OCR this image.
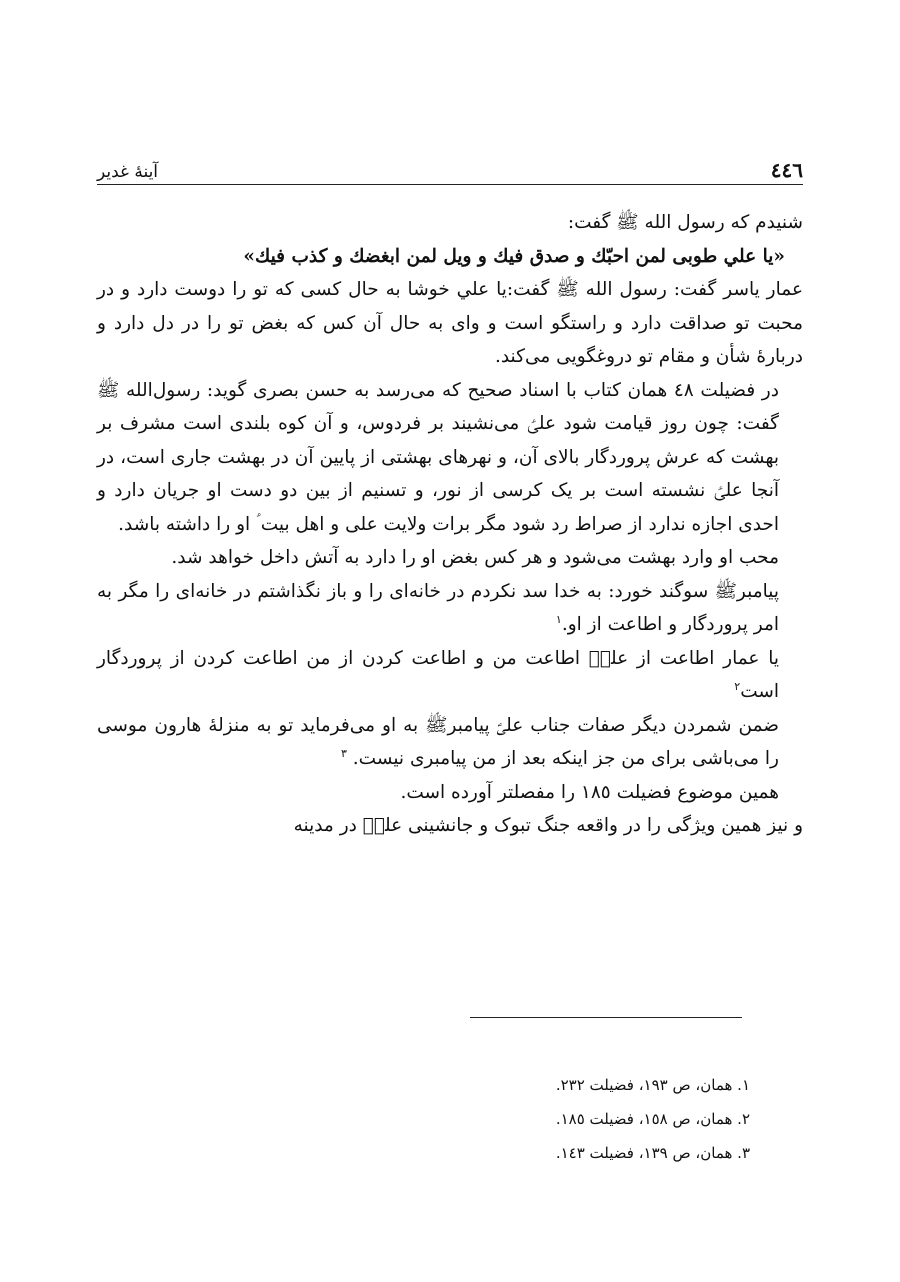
٤٤٦
آينهٔ غدير

شنيدم كه رسول الله ﷺ گفت:

«يا علي طوبى لمن احبّك و صدق فيك و ويل لمن ابغضك و كذب فيك»

عمار ياسر گفت: رسول الله ﷺ گفت:يا علي خوشا به حال كسى كه تو را دوست دارد و در محبت تو صداقت دارد و راستگو است و واى به حال آن كس كه بغض تو را در دل دارد و دربارهٔ شأن و مقام تو دروغگويى مى‌كند.

در فضيلت ٤٨ همان كتاب با اسناد صحيح كه مى‌رسد به حسن بصرى گويد: رسول‌الله ﷺ گفت: چون روز قيامت شود علىؑ مى‌نشيند بر فردوس، و آن كوه بلندى است مشرف بر بهشت كه عرش پروردگار بالاى آن، و نهرهاى بهشتى از پايين آن در بهشت جارى است، در آنجا علىؑ نشسته است بر يک كرسى از نور، و تسنيم از بين دو دست او جريان دارد و احدى اجازه ندارد از صراط رد شود مگر برات ولايت على و اهل بيت ؑ او را داشته باشد.

محب او وارد بهشت مى‌شود و هر كس بغض او را دارد به آتش داخل خواهد شد.

پيامبرﷺ سوگند خورد: به خدا سد نكردم در خانه‌اى را و باز نگذاشتم در خانه‌اى را مگر به امر پروردگار و اطاعت از او.$^١$

يا عمار اطاعت از علىؑ اطاعت من و اطاعت كردن از من اطاعت كردن از پروردگار است$^٢$

ضمن شمردن ديگر صفات جناب علىؑ پيامبرﷺ به او مى‌فرمايد تو به منزلهٔ هارون موسى را مى‌باشى براى من جز اينكه بعد از من پيامبرى نيست. $^٣$

همين موضوع فضيلت ١٨٥ را مفصلتر آورده است.

و نيز همين ويژگى را در واقعه جنگ تبوک و جانشينى علىؑ در مدينه

١. همان، ص ١٩٣، فضيلت ٢٣٢.

٢. همان، ص ١٥٨، فضيلت ١٨٥.

٣. همان، ص ١٣٩، فضيلت ١٤٣.
